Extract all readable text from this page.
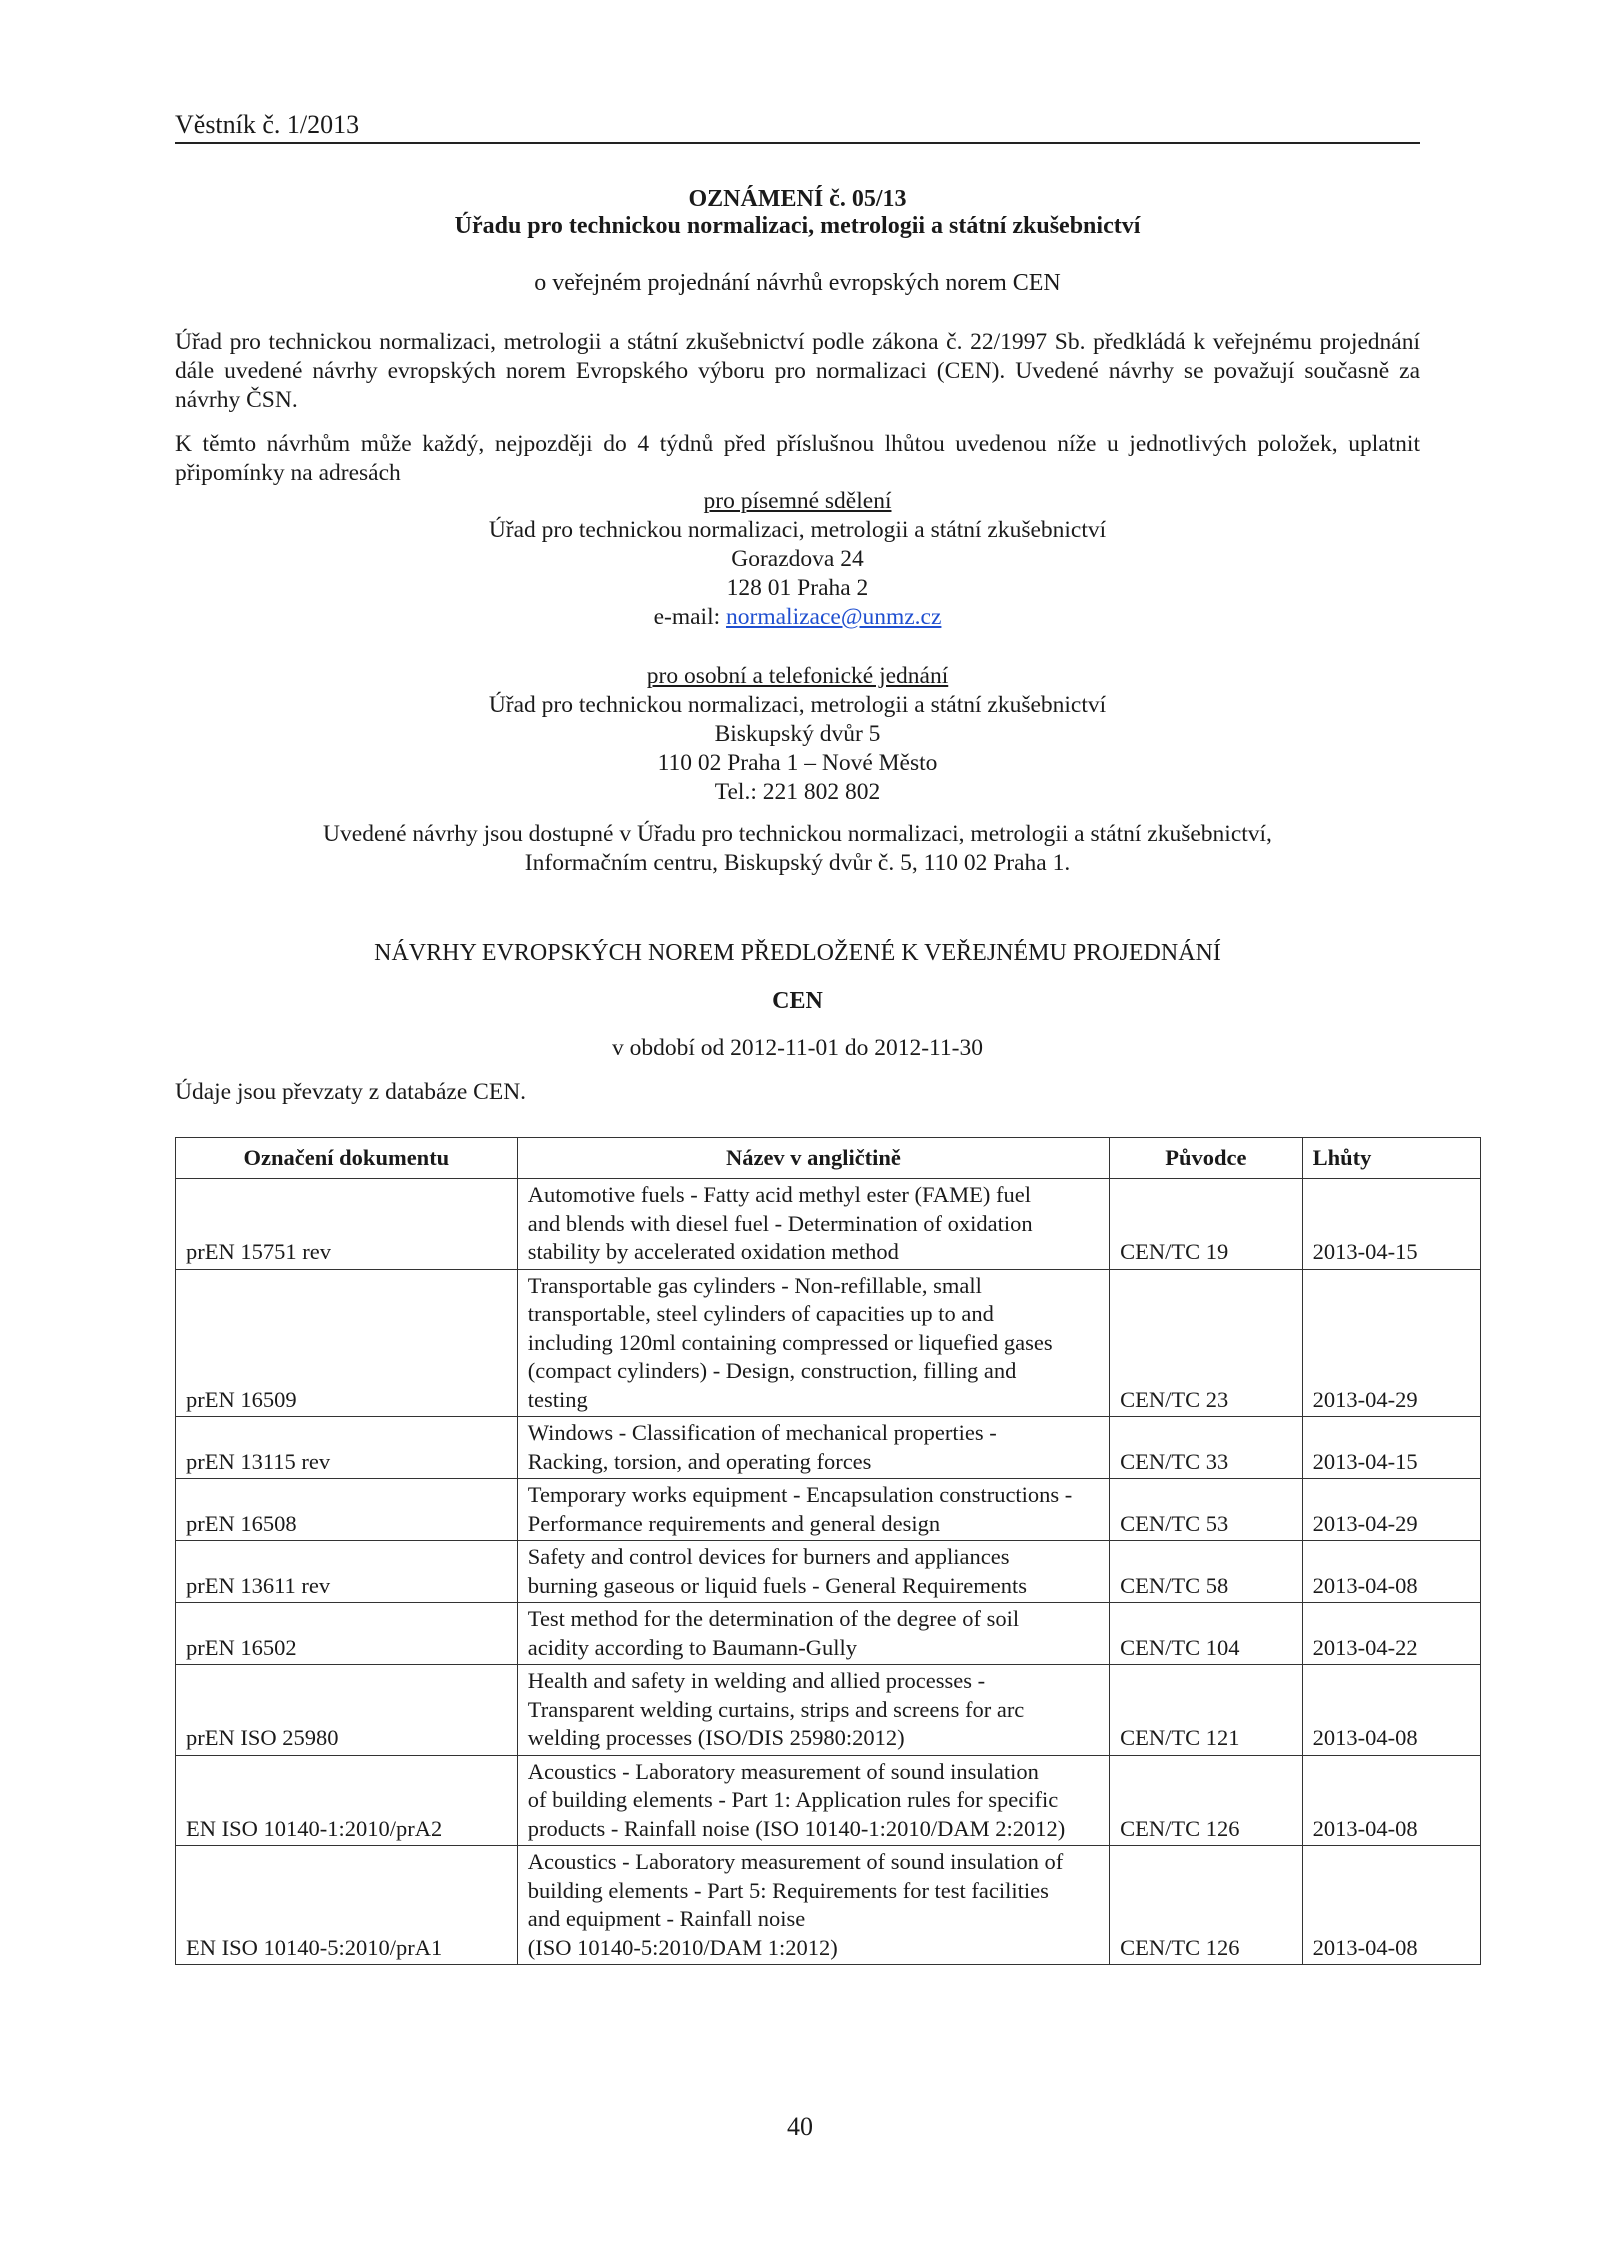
Věstník č. 1/2013
OZNÁMENÍ č. 05/13
Úřadu pro technickou normalizaci, metrologii a státní zkušebnictví
o veřejném projednání návrhů evropských norem CEN
Úřad pro technickou normalizaci, metrologii a státní zkušebnictví podle zákona č. 22/1997 Sb. předkládá k veřejnému projednání dále uvedené návrhy evropských norem Evropského výboru pro normalizaci (CEN). Uvedené návrhy se považují současně za návrhy ČSN.
K těmto návrhům může každý, nejpozději do 4 týdnů před příslušnou lhůtou uvedenou níže u jednotlivých položek, uplatnit připomínky na adresách
pro písemné sdělení
Úřad pro technickou normalizaci, metrologii a státní zkušebnictví
Gorazdova 24
128 01 Praha 2
e-mail: normalizace@unmz.cz
pro osobní a telefonické jednání
Úřad pro technickou normalizaci, metrologii a státní zkušebnictví
Biskupský dvůr 5
110 02 Praha 1 – Nové Město
Tel.: 221 802 802
Uvedené návrhy jsou dostupné v Úřadu pro technickou normalizaci, metrologii a státní zkušebnictví,
Informačním centru, Biskupský dvůr č. 5, 110 02 Praha 1.
NÁVRHY EVROPSKÝCH NOREM PŘEDLOŽENÉ K VEŘEJNÉMU PROJEDNÁNÍ
CEN
v období od 2012-11-01 do 2012-11-30
Údaje jsou převzaty z databáze CEN.
Označení dokumentu	Název v angličtině	Původce	Lhůty
prEN 15751 rev	Automotive fuels - Fatty acid methyl ester (FAME) fuel
and blends with diesel fuel - Determination of oxidation
stability by accelerated oxidation method	CEN/TC 19	2013-04-15
prEN 16509	Transportable gas cylinders - Non-refillable, small
transportable, steel cylinders of capacities up to and
including 120ml containing compressed or liquefied gases
(compact cylinders) - Design, construction, filling and
testing	CEN/TC 23	2013-04-29
prEN 13115 rev	Windows - Classification of mechanical properties -
Racking, torsion, and operating forces	CEN/TC 33	2013-04-15
prEN 16508	Temporary works equipment - Encapsulation constructions -
Performance requirements and general design	CEN/TC 53	2013-04-29
prEN 13611 rev	Safety and control devices for burners and appliances
burning gaseous or liquid fuels - General Requirements	CEN/TC 58	2013-04-08
prEN 16502	Test method for the determination of the degree of soil
acidity according to Baumann-Gully	CEN/TC 104	2013-04-22
prEN ISO 25980	Health and safety in welding and allied processes -
Transparent welding curtains, strips and screens for arc
welding processes (ISO/DIS 25980:2012)	CEN/TC 121	2013-04-08
EN ISO 10140-1:2010/prA2	Acoustics - Laboratory measurement of sound insulation
of building elements - Part 1: Application rules for specific
products - Rainfall noise (ISO 10140-1:2010/DAM 2:2012)	CEN/TC 126	2013-04-08
EN ISO 10140-5:2010/prA1	Acoustics - Laboratory measurement of sound insulation of
building elements - Part 5: Requirements for test facilities
and equipment - Rainfall noise
(ISO 10140-5:2010/DAM 1:2012)	CEN/TC 126	2013-04-08
40
